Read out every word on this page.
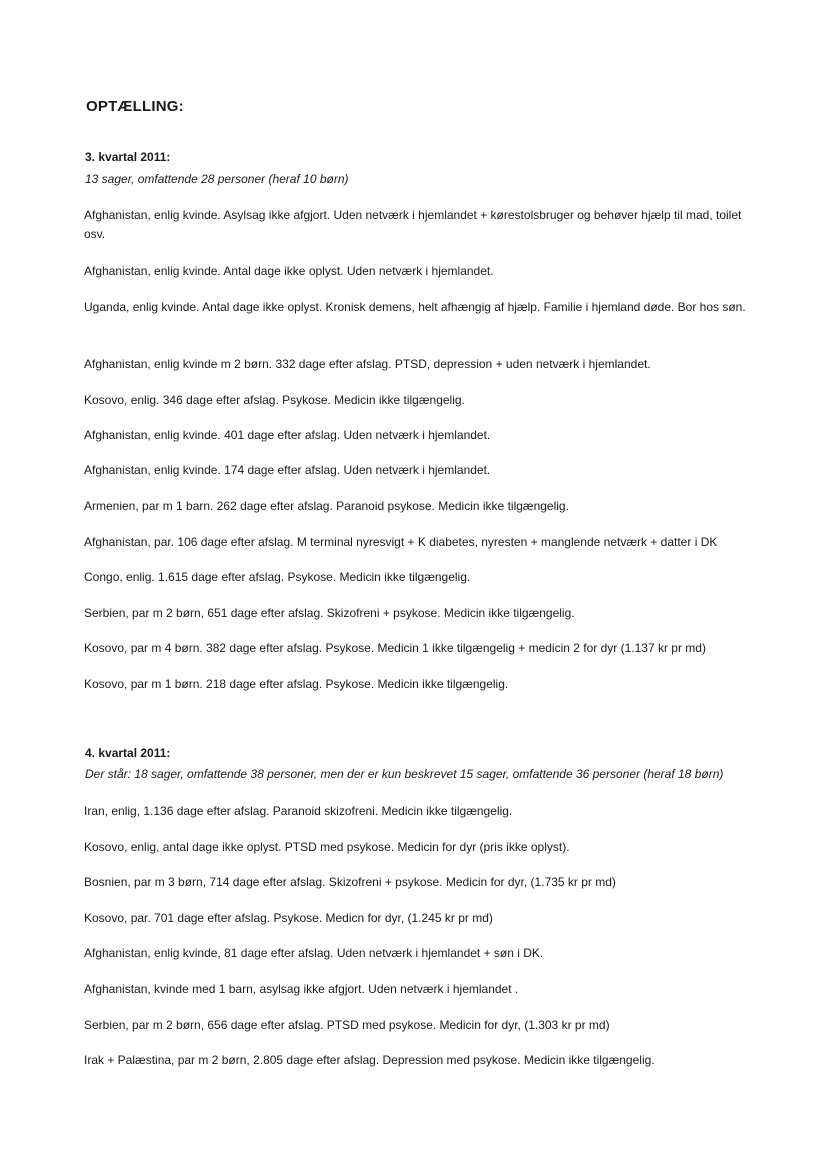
OPTÆLLING:
3. kvartal 2011:
13 sager, omfattende 28 personer (heraf 10 børn)
Afghanistan, enlig kvinde. Asylsag ikke afgjort. Uden netværk i hjemlandet + kørestolsbruger og behøver hjælp til mad, toilet osv.
Afghanistan, enlig kvinde. Antal dage ikke oplyst. Uden netværk i hjemlandet.
Uganda, enlig kvinde. Antal dage ikke oplyst. Kronisk demens, helt afhængig af hjælp. Familie i hjemland døde. Bor hos søn.
Afghanistan, enlig kvinde m 2 børn. 332 dage efter afslag. PTSD, depression + uden netværk i hjemlandet.
Kosovo, enlig. 346 dage efter afslag. Psykose. Medicin ikke tilgængelig.
Afghanistan, enlig kvinde. 401 dage efter afslag. Uden netværk i hjemlandet.
Afghanistan, enlig kvinde. 174 dage efter afslag. Uden netværk i hjemlandet.
Armenien, par m 1 barn. 262 dage efter afslag. Paranoid psykose. Medicin ikke tilgængelig.
Afghanistan, par. 106 dage efter afslag. M terminal nyresvigt + K diabetes, nyresten + manglende netværk + datter i DK
Congo, enlig. 1.615 dage efter afslag. Psykose. Medicin ikke tilgængelig.
Serbien, par m 2 børn, 651 dage efter afslag. Skizofreni + psykose. Medicin ikke tilgængelig.
Kosovo, par m 4 børn. 382 dage efter afslag. Psykose. Medicin 1 ikke tilgængelig + medicin 2 for dyr (1.137 kr pr md)
Kosovo, par m 1 børn. 218 dage efter afslag. Psykose. Medicin ikke tilgængelig.
4. kvartal 2011:
Der står: 18 sager, omfattende 38 personer, men der er kun beskrevet 15 sager, omfattende 36 personer (heraf 18 børn)
Iran, enlig, 1.136 dage efter afslag. Paranoid skizofreni. Medicin ikke tilgængelig.
Kosovo, enlig, antal dage ikke oplyst. PTSD med psykose. Medicin for dyr (pris ikke oplyst).
Bosnien, par m 3 børn, 714 dage efter afslag. Skizofreni + psykose. Medicin for dyr, (1.735 kr pr md)
Kosovo, par. 701 dage efter afslag. Psykose. Medicn for dyr, (1.245 kr pr md)
Afghanistan, enlig kvinde, 81 dage efter afslag. Uden netværk i hjemlandet + søn i DK.
Afghanistan, kvinde med 1 barn, asylsag ikke afgjort. Uden netværk i hjemlandet .
Serbien, par m 2 børn, 656 dage efter afslag. PTSD med psykose. Medicin for dyr, (1.303 kr pr md)
Irak + Palæstina, par m 2 børn, 2.805 dage efter afslag. Depression med psykose. Medicin ikke tilgængelig.
